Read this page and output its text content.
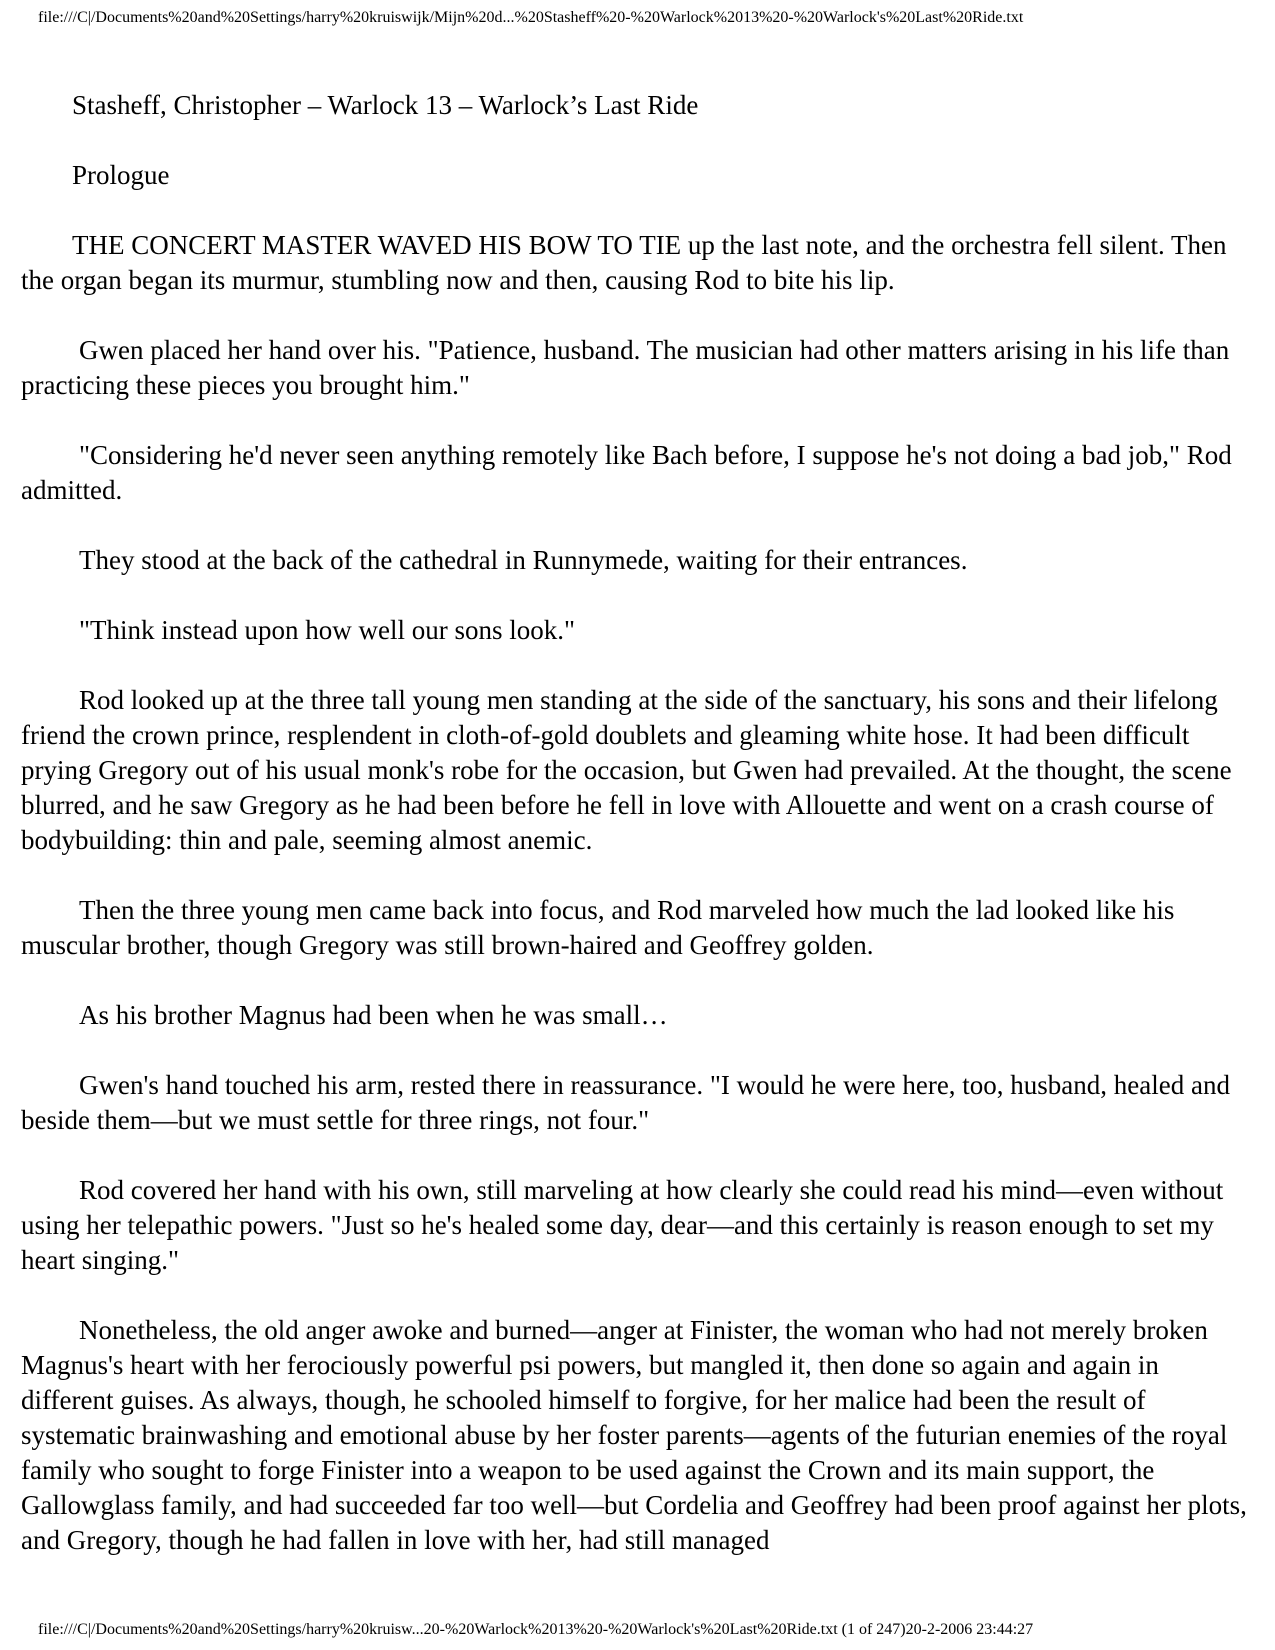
file:///C|/Documents%20and%20Settings/harry%20kruiswijk/Mijn%20d...%20Stasheff%20-%20Warlock%2013%20-%20Warlock's%20Last%20Ride.txt
Stasheff, Christopher – Warlock 13 – Warlock’s Last Ride
Prologue

THE CONCERT MASTER WAVED HIS BOW TO TIE up the last note, and the orchestra fell silent. Then the organ began its murmur, stumbling now and then, causing Rod to bite his lip.

Gwen placed her hand over his. "Patience, husband. The musician had other matters arising in his life than practicing these pieces you brought him."

"Considering he'd never seen anything remotely like Bach before, I suppose he's not doing a bad job," Rod admitted.

They stood at the back of the cathedral in Runnymede, waiting for their entrances.

"Think instead upon how well our sons look."

Rod looked up at the three tall young men standing at the side of the sanctuary, his sons and their lifelong friend the crown prince, resplendent in cloth-of-gold doublets and gleaming white hose. It had been difficult prying Gregory out of his usual monk's robe for the occasion, but Gwen had prevailed. At the thought, the scene blurred, and he saw Gregory as he had been before he fell in love with Allouette and went on a crash course of bodybuilding: thin and pale, seeming almost anemic.

Then the three young men came back into focus, and Rod marveled how much the lad looked like his muscular brother, though Gregory was still brown-haired and Geoffrey golden.

As his brother Magnus had been when he was small…

Gwen's hand touched his arm, rested there in reassurance. "I would he were here, too, husband, healed and beside them—but we must settle for three rings, not four."

Rod covered her hand with his own, still marveling at how clearly she could read his mind—even without using her telepathic powers. "Just so he's healed some day, dear—and this certainly is reason enough to set my heart singing."

Nonetheless, the old anger awoke and burned—anger at Finister, the woman who had not merely broken Magnus's heart with her ferociously powerful psi powers, but mangled it, then done so again and again in different guises. As always, though, he schooled himself to forgive, for her malice had been the result of systematic brainwashing and emotional abuse by her foster parents—agents of the futurian enemies of the royal family who sought to forge Finister into a weapon to be used against the Crown and its main support, the Gallowglass family, and had succeeded far too well—but Cordelia and Geoffrey had been proof against her plots, and Gregory, though he had fallen in love with her, had still managed

file:///C|/Documents%20and%20Settings/harry%20kruisw...20-%20Warlock%2013%20-%20Warlock's%20Last%20Ride.txt (1 of 247)20-2-2006 23:44:27
